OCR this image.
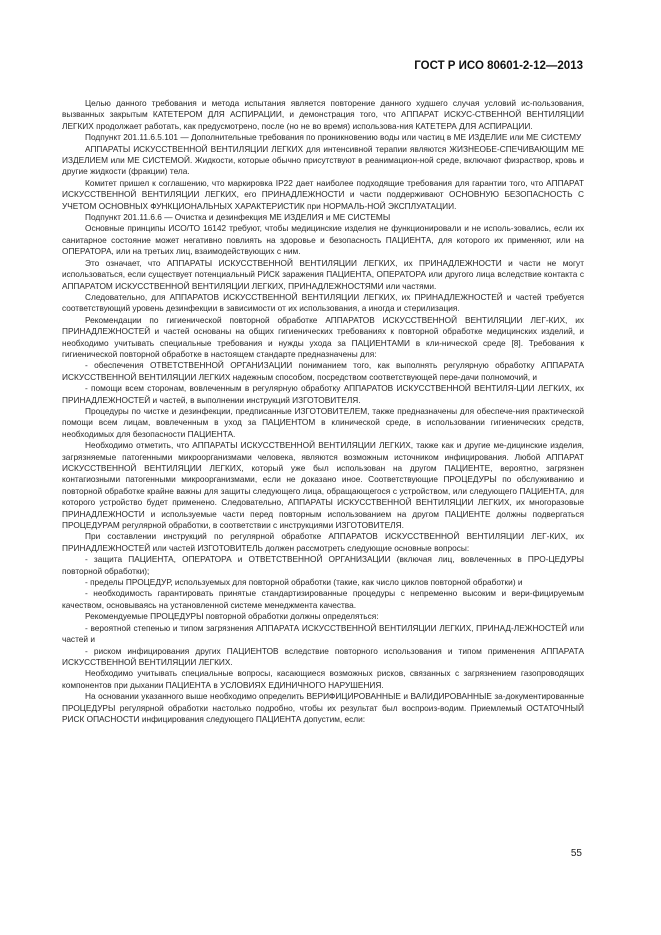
ГОСТ Р ИСО 80601-2-12—2013

Целью данного требования и метода испытания является повторение данного худшего случая условий ис-пользования, вызванных закрытым КАТЕТЕРОМ ДЛЯ АСПИРАЦИИ, и демонстрация того, что АППАРАТ ИСКУС-СТВЕННОЙ ВЕНТИЛЯЦИИ ЛЕГКИХ продолжает работать, как предусмотрено, после (но не во время) использова-ния КАТЕТЕРА ДЛЯ АСПИРАЦИИ.

Подпункт 201.11.6.5.101 — Дополнительные требования по проникновению воды или частиц в МЕ ИЗДЕЛИЕ или МЕ СИСТЕМУ

АППАРАТЫ ИСКУССТВЕННОЙ ВЕНТИЛЯЦИИ ЛЕГКИХ для интенсивной терапии являются ЖИЗНЕОБЕ-СПЕЧИВАЮЩИМ МЕ ИЗДЕЛИЕМ или МЕ СИСТЕМОЙ. Жидкости, которые обычно присутствуют в реанимацион-ной среде, включают физраствор, кровь и другие жидкости (фракции) тела.

Комитет пришел к соглашению, что маркировка IP22 дает наиболее подходящие требования для гарантии того, что АППАРАТ ИСКУССТВЕННОЙ ВЕНТИЛЯЦИИ ЛЕГКИХ, его ПРИНАДЛЕЖНОСТИ и части поддерживают ОСНОВНУЮ БЕЗОПАСНОСТЬ С УЧЕТОМ ОСНОВНЫХ ФУНКЦИОНАЛЬНЫХ ХАРАКТЕРИСТИК при НОРМАЛЬ-НОЙ ЭКСПЛУАТАЦИИ.

Подпункт 201.11.6.6 — Очистка и дезинфекция МЕ ИЗДЕЛИЯ и МЕ СИСТЕМЫ

Основные принципы ИСО/ТО 16142 требуют, чтобы медицинские изделия не функционировали и не исполь-зовались, если их санитарное состояние может негативно повлиять на здоровье и безопасность ПАЦИЕНТА, для которого их применяют, или на ОПЕРАТОРА, или на третьих лиц, взаимодействующих с ним.

Это означает, что АППАРАТЫ ИСКУССТВЕННОЙ ВЕНТИЛЯЦИИ ЛЕГКИХ, их ПРИНАДЛЕЖНОСТИ и части не могут использоваться, если существует потенциальный РИСК заражения ПАЦИЕНТА, ОПЕРАТОРА или другого лица вследствие контакта с АППАРАТОМ ИСКУССТВЕННОЙ ВЕНТИЛЯЦИИ ЛЕГКИХ, ПРИНАДЛЕЖНОСТЯМИ или частями.

Следовательно, для АППАРАТОВ ИСКУССТВЕННОЙ ВЕНТИЛЯЦИИ ЛЕГКИХ, их ПРИНАДЛЕЖНОСТЕЙ и частей требуется соответствующий уровень дезинфекции в зависимости от их использования, а иногда и стерилизация.

Рекомендации по гигиенической повторной обработке АППАРАТОВ ИСКУССТВЕННОЙ ВЕНТИЛЯЦИИ ЛЕГ-КИХ, их ПРИНАДЛЕЖНОСТЕЙ и частей основаны на общих гигиенических требованиях к повторной обработке медицинских изделий, и необходимо учитывать специальные требования и нужды ухода за ПАЦИЕНТАМИ в кли-нической среде [8]. Требования к гигиенической повторной обработке в настоящем стандарте предназначены для:

- обеспечения ОТВЕТСТВЕННОЙ ОРГАНИЗАЦИИ пониманием того, как выполнять регулярную обработку АППАРАТА ИСКУССТВЕННОЙ ВЕНТИЛЯЦИИ ЛЕГКИХ надежным способом, посредством соответствующей пере-дачи полномочий, и

- помощи всем сторонам, вовлеченным в регулярную обработку АППАРАТОВ ИСКУССТВЕННОЙ ВЕНТИЛЯ-ЦИИ ЛЕГКИХ, их ПРИНАДЛЕЖНОСТЕЙ и частей, в выполнении инструкций ИЗГОТОВИТЕЛЯ.

Процедуры по чистке и дезинфекции, предписанные ИЗГОТОВИТЕЛЕМ, также предназначены для обеспече-ния практической помощи всем лицам, вовлеченным в уход за ПАЦИЕНТОМ в клинической среде, в использовании гигиенических средств, необходимых для безопасности ПАЦИЕНТА.

Необходимо отметить, что АППАРАТЫ ИСКУССТВЕННОЙ ВЕНТИЛЯЦИИ ЛЕГКИХ, также как и другие ме-дицинские изделия, загрязняемые патогенными микроорганизмами человека, являются возможным источником инфицирования. Любой АППАРАТ ИСКУССТВЕННОЙ ВЕНТИЛЯЦИИ ЛЕГКИХ, который уже был использован на другом ПАЦИЕНТЕ, вероятно, загрязнен контагиозными патогенными микроорганизмами, если не доказано иное. Соответствующие ПРОЦЕДУРЫ по обслуживанию и повторной обработке крайне важны для защиты следующего лица, обращающегося с устройством, или следующего ПАЦИЕНТА, для которого устройство будет применено. Следовательно, АППАРАТЫ ИСКУССТВЕННОЙ ВЕНТИЛЯЦИИ ЛЕГКИХ, их многоразовые ПРИНАДЛЕЖНОСТИ и используемые части перед повторным использованием на другом ПАЦИЕНТЕ должны подвергаться ПРОЦЕДУРАМ регулярной обработки, в соответствии с инструкциями ИЗГОТОВИТЕЛЯ.

При составлении инструкций по регулярной обработке АППАРАТОВ ИСКУССТВЕННОЙ ВЕНТИЛЯЦИИ ЛЕГ-КИХ, их ПРИНАДЛЕЖНОСТЕЙ или частей ИЗГОТОВИТЕЛЬ должен рассмотреть следующие основные вопросы:

- защита ПАЦИЕНТА, ОПЕРАТОРА и ОТВЕТСТВЕННОЙ ОРГАНИЗАЦИИ (включая лиц, вовлеченных в ПРО-ЦЕДУРЫ повторной обработки);

- пределы ПРОЦЕДУР, используемых для повторной обработки (такие, как число циклов повторной обработки) и

- необходимость гарантировать принятые стандартизированные процедуры с непременно высоким и вери-фицируемым качеством, основываясь на установленной системе менеджмента качества.

Рекомендуемые ПРОЦЕДУРЫ повторной обработки должны определяться:

- вероятной степенью и типом загрязнения АППАРАТА ИСКУССТВЕННОЙ ВЕНТИЛЯЦИИ ЛЕГКИХ, ПРИНАД-ЛЕЖНОСТЕЙ или частей и

- риском инфицирования других ПАЦИЕНТОВ вследствие повторного использования и типом применения АППАРАТА ИСКУССТВЕННОЙ ВЕНТИЛЯЦИИ ЛЕГКИХ.

Необходимо учитывать специальные вопросы, касающиеся возможных рисков, связанных с загрязнением газопроводящих компонентов при дыхании ПАЦИЕНТА в УСЛОВИЯХ ЕДИНИЧНОГО НАРУШЕНИЯ.

На основании указанного выше необходимо определить ВЕРИФИЦИРОВАННЫЕ и ВАЛИДИРОВАННЫЕ за-документированные ПРОЦЕДУРЫ регулярной обработки настолько подробно, чтобы их результат был воспроиз-водим. Приемлемый ОСТАТОЧНЫЙ РИСК ОПАСНОСТИ инфицирования следующего ПАЦИЕНТА допустим, если:

55
